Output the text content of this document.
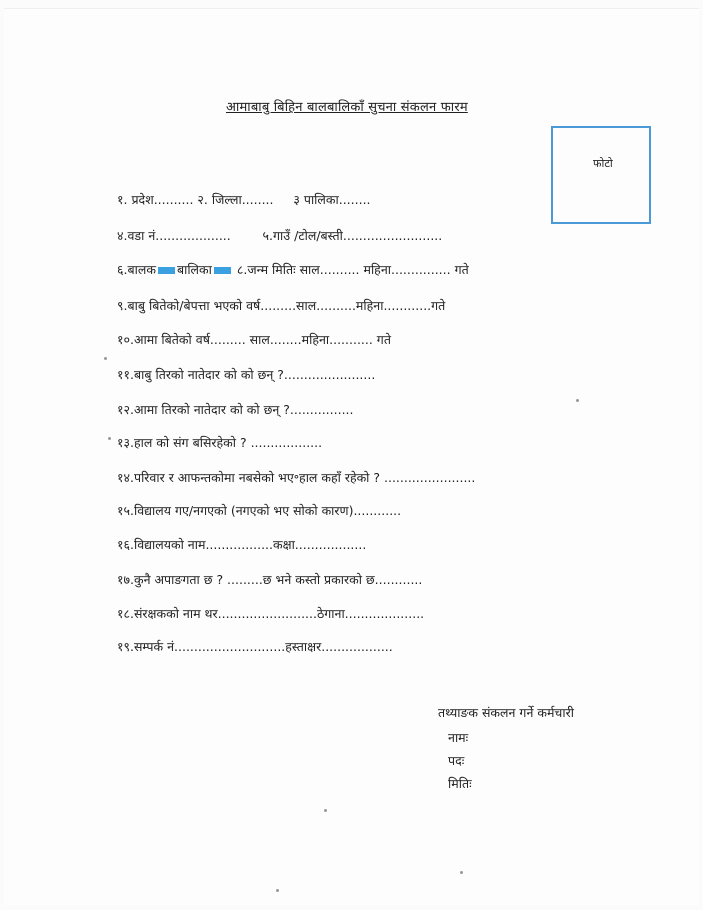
आमाबाबु बिहिन बालबालिकाँ सुचना संकलन फारम
फोटो
१. प्रदेश.......... २. जिल्ला........     ३ पालिका........
४.वडा नं...................        ५.गाउँ /टोल/बस्ती.........................
६.बालक बालिका ८.जन्म मितिः साल.......... महिना............... गते
९.बाबु बितेको/बेपत्ता भएको वर्ष.........साल..........महिना............गते
१०.आमा बितेको वर्ष......... साल........महिना........... गते
११.बाबु तिरको नातेदार को को छन् ?.......................
१२.आमा तिरको नातेदार को को छन् ?................
१३.हाल को संग बसिरहेको ? ..................
१४.परिवार र आफन्तकोमा नबसेको भए॰हाल कहाँ रहेको ? .......................
१५.विद्यालय गए/नगएको (नगएको भए सोको कारण)............
१६.विद्यालयको नाम.................कक्षा..................
१७.कुनै अपाङगता छ ? .........छ भने कस्तो प्रकारको छ............
१८.संरक्षकको नाम थर.........................ठेगाना....................
१९.सम्पर्क नं............................हस्ताक्षर..................
तथ्याङक संकलन गर्ने कर्मचारी
नामः
पदः
मितिः
